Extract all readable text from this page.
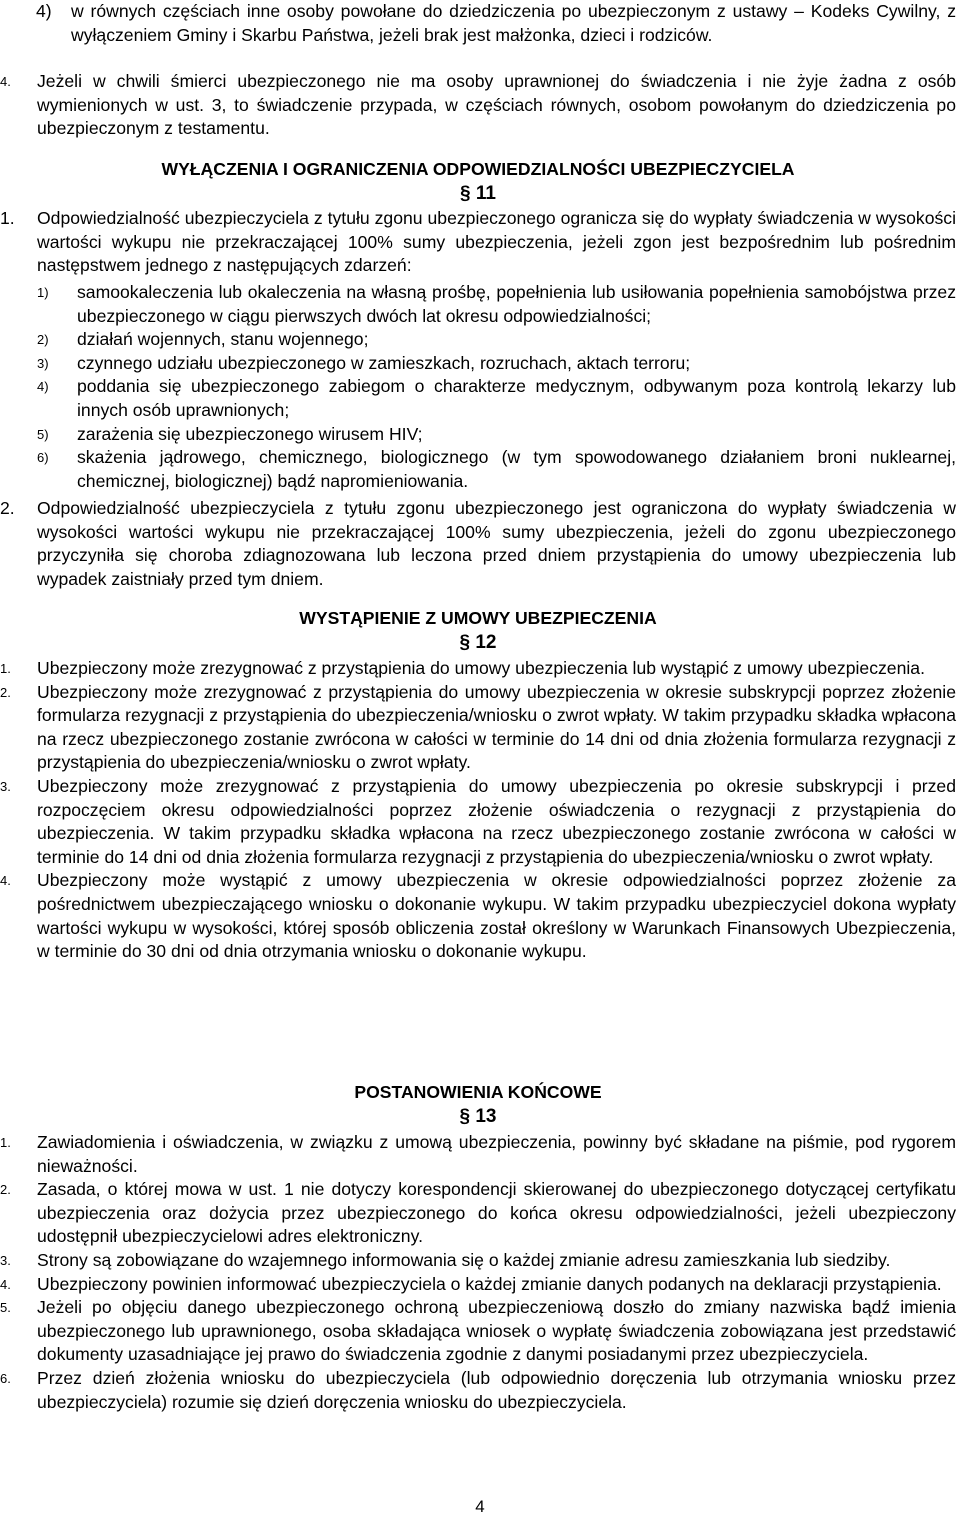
4)	w równych częściach inne osoby powołane do dziedziczenia po ubezpieczonym z ustawy – Kodeks Cywilny, z wyłączeniem Gminy i Skarbu Państwa, jeżeli brak jest małżonka, dzieci i rodziców.
4.	Jeżeli w chwili śmierci ubezpieczonego nie ma osoby uprawnionej do świadczenia i nie żyje żadna z osób wymienionych w ust. 3, to świadczenie przypada, w częściach równych, osobom powołanym do dziedziczenia po ubezpieczonym z testamentu.
WYŁĄCZENIA I OGRANICZENIA ODPOWIEDZIALNOŚCI UBEZPIECZYCIELA
§ 11
1.	Odpowiedzialność ubezpieczyciela z tytułu zgonu ubezpieczonego ogranicza się do wypłaty świadczenia w wysokości wartości wykupu nie przekraczającej 100% sumy ubezpieczenia, jeżeli zgon jest bezpośrednim lub pośrednim następstwem jednego z następujących zdarzeń:
1)	samookaleczenia lub okaleczenia na własną prośbę, popełnienia lub usiłowania popełnienia samobójstwa przez ubezpieczonego w ciągu pierwszych dwóch lat okresu odpowiedzialności;
2)	działań wojennych, stanu wojennego;
3)	czynnego udziału ubezpieczonego w zamieszkach, rozruchach, aktach terroru;
4)	poddania się ubezpieczonego zabiegom o charakterze medycznym, odbywanym poza kontrolą lekarzy lub innych osób uprawnionych;
5)	zarażenia się ubezpieczonego wirusem HIV;
6)	skażenia jądrowego, chemicznego, biologicznego (w tym spowodowanego działaniem broni nuklearnej, chemicznej, biologicznej) bądź napromieniowania.
2.	Odpowiedzialność ubezpieczyciela z tytułu zgonu ubezpieczonego jest ograniczona do wypłaty świadczenia w wysokości wartości wykupu nie przekraczającej 100% sumy ubezpieczenia, jeżeli do zgonu ubezpieczonego przyczyniła się choroba zdiagnozowana lub leczona przed dniem przystąpienia do umowy ubezpieczenia lub wypadek zaistniały przed tym dniem.
WYSTĄPIENIE Z UMOWY UBEZPIECZENIA
§ 12
1.	Ubezpieczony może zrezygnować z przystąpienia do umowy ubezpieczenia lub wystąpić z umowy ubezpieczenia.
2.	Ubezpieczony może zrezygnować z przystąpienia do umowy ubezpieczenia w okresie subskrypcji poprzez złożenie formularza rezygnacji z przystąpienia do ubezpieczenia/wniosku o zwrot wpłaty. W takim przypadku składka wpłacona na rzecz ubezpieczonego zostanie zwrócona w całości w terminie do 14 dni od dnia złożenia formularza rezygnacji z przystąpienia do ubezpieczenia/wniosku o zwrot wpłaty.
3.	Ubezpieczony może zrezygnować z przystąpienia do umowy ubezpieczenia po okresie subskrypcji i przed rozpoczęciem okresu odpowiedzialności poprzez złożenie oświadczenia o rezygnacji z przystąpienia do ubezpieczenia. W takim przypadku składka wpłacona na rzecz ubezpieczonego zostanie zwrócona w całości w terminie do 14 dni od dnia złożenia formularza rezygnacji z przystąpienia do ubezpieczenia/wniosku o zwrot wpłaty.
4.	Ubezpieczony może wystąpić z umowy ubezpieczenia w okresie odpowiedzialności poprzez złożenie za pośrednictwem ubezpieczającego wniosku o dokonanie wykupu. W takim przypadku ubezpieczyciel dokona wypłaty wartości wykupu w wysokości, której sposób obliczenia został określony w Warunkach Finansowych Ubezpieczenia, w terminie do 30 dni od dnia otrzymania wniosku o dokonanie wykupu.
POSTANOWIENIA KOŃCOWE
§ 13
1.	Zawiadomienia i oświadczenia, w związku z umową ubezpieczenia, powinny być składane na piśmie, pod rygorem nieważności.
2.	Zasada, o której mowa w ust. 1 nie dotyczy korespondencji skierowanej do ubezpieczonego dotyczącej certyfikatu ubezpieczenia oraz dożycia przez ubezpieczonego do końca okresu odpowiedzialności, jeżeli ubezpieczony udostępnił ubezpieczycielowi adres elektroniczny.
3.	Strony są zobowiązane do wzajemnego informowania się o każdej zmianie adresu zamieszkania lub siedziby.
4.	Ubezpieczony powinien informować ubezpieczyciela o każdej zmianie danych podanych na deklaracji przystąpienia.
5.	Jeżeli po objęciu danego ubezpieczonego ochroną ubezpieczeniową doszło do zmiany nazwiska bądź imienia ubezpieczonego lub uprawnionego, osoba składająca wniosek o wypłatę świadczenia zobowiązana jest przedstawić dokumenty uzasadniające jej prawo do świadczenia zgodnie z danymi posiadanymi przez ubezpieczyciela.
6.	Przez dzień złożenia wniosku do ubezpieczyciela (lub odpowiednio doręczenia lub otrzymania wniosku przez ubezpieczyciela) rozumie się dzień doręczenia wniosku do ubezpieczyciela.
4
